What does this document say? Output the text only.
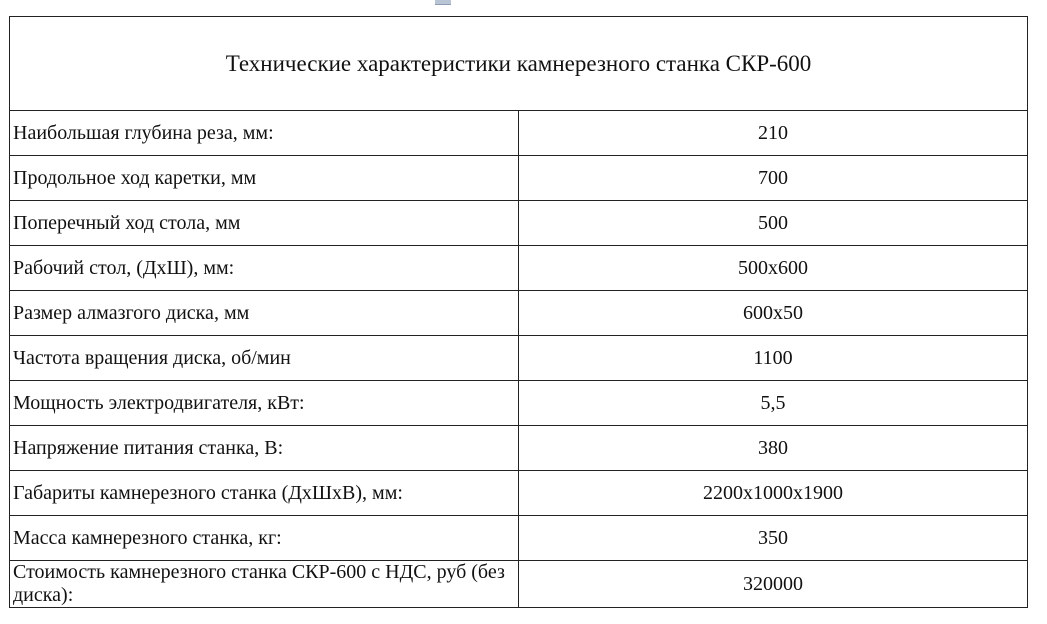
Технические характеристики камнерезного станка СКР-600	
Наибольшая глубина реза, мм:	210
Продольное ход каретки, мм	700
Поперечный ход стола, мм	500
Рабочий стол, (ДхШ), мм:	500x600
Размер алмазгого диска, мм	600x50
Частота вращения диска, об/мин	1100
Мощность электродвигателя, кВт:	5,5
Напряжение питания станка, В:	380
Габариты камнерезного станка (ДхШхВ), мм:	2200x1000x1900
Масса камнерезного станка, кг:	350
Стоимость камнерезного станка СКР-600 с НДС, руб (без диска):	320000
